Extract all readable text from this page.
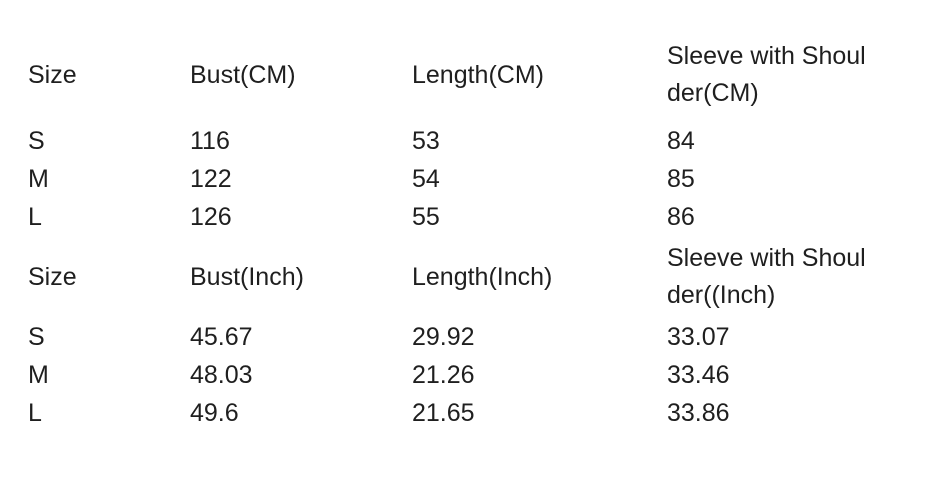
Size	Bust(CM)	Length(CM)	Sleeve with Shoulder(CM)

S	116	53	84
M	122	54	85
L	126	55	86
Size	Bust(Inch)	Length(Inch)	Sleeve with Shoulder((Inch)

S	45.67	29.92	33.07
M	48.03	21.26	33.46
L	49.6	21.65	33.86
